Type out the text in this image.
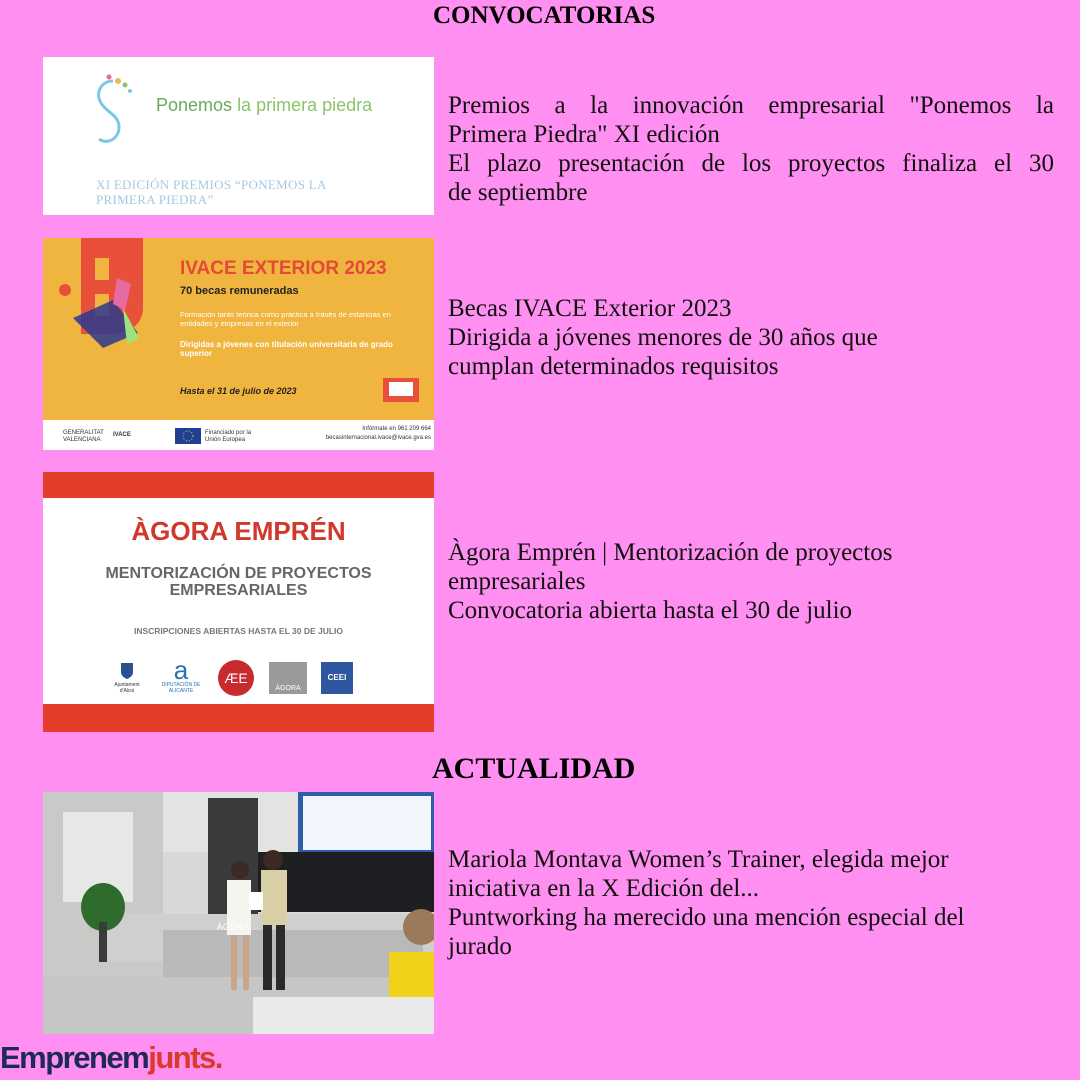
CONVOCATORIAS
Ponemos la primera piedra
XI EDICIÓN PREMIOS “PONEMOS LA
PRIMERA PIEDRA”
Premios a la innovación empresarial "Ponemos la
Primera Piedra" XI edición
El plazo presentación de los proyectos finaliza el 30
de septiembre
IVACE EXTERIOR 2023
70 becas remuneradas
Formación tanto teórica como práctica a través de estancias en entidades y empresas en el exterior
Dirigidas a jóvenes con titulación universitaria de grado superior
Hasta el 31 de julio de 2023
GENERALITAT VALENCIANA
IVACE	Financiado por la Unión Europea
Infórmate en 961 209 664
becasinternacional.ivace@ivace.gva.es
Becas IVACE Exterior 2023
Dirigida a jóvenes menores de 30 años que
cumplan determinados requisitos
ÀGORA EMPRÉN
MENTORIZACIÓN DE PROYECTOS
EMPRESARIALES
INSCRIPCIONES ABIERTAS HASTA EL 30 DE JULIO
Ajuntament d'Alcoi
a
DIPUTACIÓN DE ALICANTE
ÆE
ÀGORA
CEEI
Àgora Emprén | Mentorización de proyectos
empresariales
Convocatoria abierta hasta el 30 de julio
ACTUALIDAD
ÀGORA
Mariola Montava Women’s Trainer, elegida mejor
iniciativa en la X Edición del...
Puntworking ha merecido una mención especial del
jurado
Emprenemjunts.
